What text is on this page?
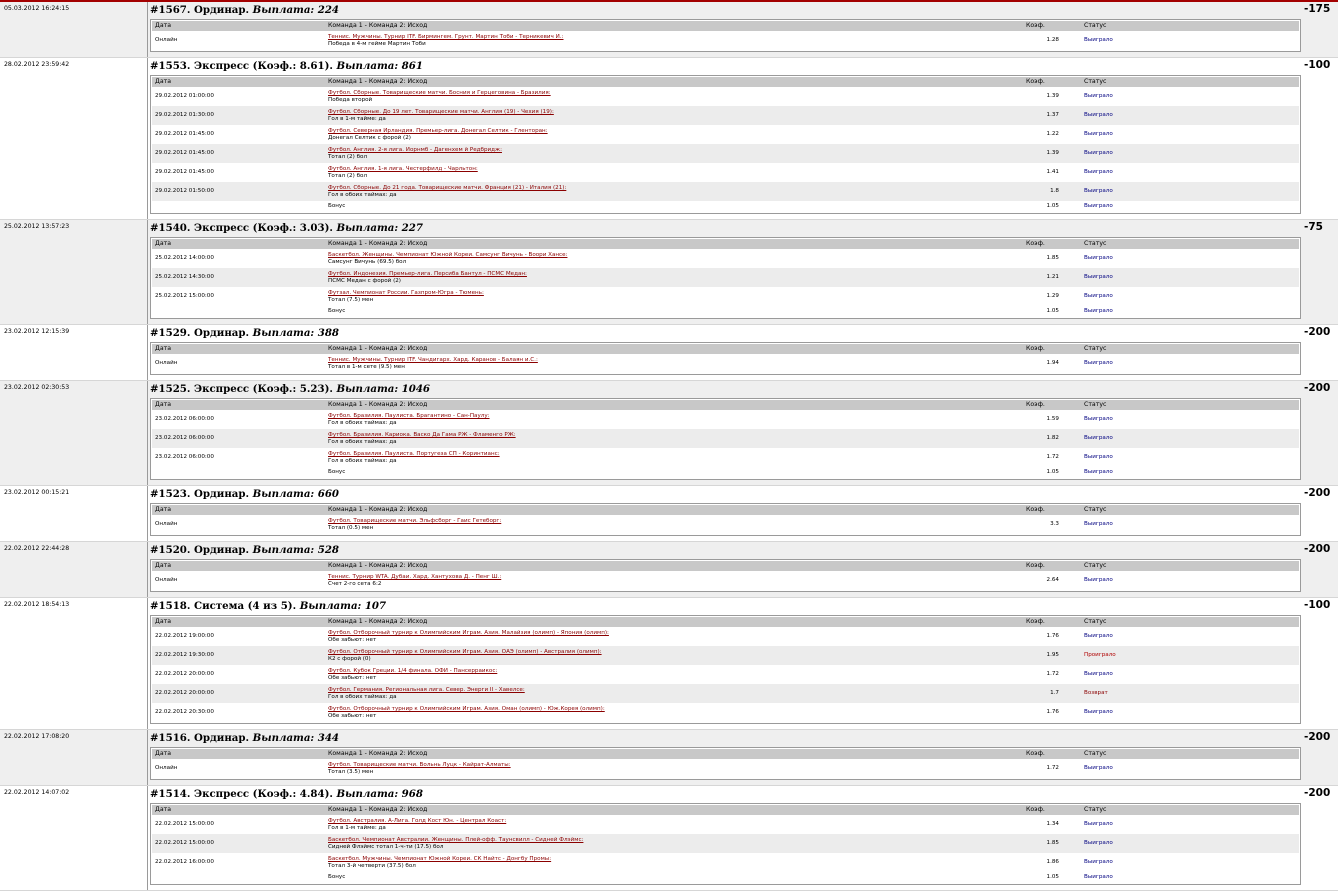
05.03.2012 16:24:15	#1567. Ординар. Выплата: 224
Дата	Команда 1 - Команда 2: Исход	Коэф.	Статус
Онлайн
Теннис. Мужчины. Турнир ITF. Бирмингем. Грунт. Мартин Тоби - Терникевич И.:
Победа в 4-м гейме Мартин Тоби
1.28	Выиграло
-175
28.02.2012 23:59:42	#1553. Экспресс (Коэф.: 8.61). Выплата: 861
Дата	Команда 1 - Команда 2: Исход	Коэф.	Статус
29.02.2012 01:00:00
Футбол. Сборные. Товарищеские матчи. Босния и Герцеговина - Бразилия:
Победа второй
1.39	Выиграло
29.02.2012 01:30:00
Футбол. Сборные. До 19 лет. Товарищеские матчи. Англия (19) - Чехия (19):
Гол в 1-м тайме: да
1.37	Выиграло
29.02.2012 01:45:00
Футбол. Северная Ирландия. Премьер-лига. Донегал Селтик - Гленторан:
Донегал Селтик с форой (2)
1.22	Выиграло
29.02.2012 01:45:00
Футбол. Англия. 2-я лига. Иорнмб - Дагенхем й Редбридж:
Тотал (2) бол
1.39	Выиграло
29.02.2012 01:45:00
Футбол. Англия. 1-я лига. Честерфилд - Чарльтон:
Тотал (2) бол
1.41	Выиграло
29.02.2012 01:50:00
Футбол. Сборные. До 21 года. Товарищеские матчи. Франция (21) - Италия (21):
Гол в обоих таймах: да
1.8	Выиграло
Бонус	1.05	Выиграло
-100
25.02.2012 13:57:23	#1540. Экспресс (Коэф.: 3.03). Выплата: 227
Дата	Команда 1 - Команда 2: Исход	Коэф.	Статус
25.02.2012 14:00:00
Баскетбол. Женщины. Чемпионат Южной Кореи. Самсунг Вичунь - Воори Хансе:
Самсунг Вичунь (69.5) бол
1.85	Выиграло
25.02.2012 14:30:00
Футбол. Индонезия. Премьер-лига. Персиба Бантул - ПСМС Медан:
ПСМС Медан с форой (2)
1.21	Выиграло
25.02.2012 15:00:00
Футзал. Чемпионат России. Газпром-Югра - Тюмень:
Тотал (7.5) мен
1.29	Выиграло
Бонус	1.05	Выиграло
-75
23.02.2012 12:15:39	#1529. Ординар. Выплата: 388
Дата	Команда 1 - Команда 2: Исход	Коэф.	Статус
Онлайн
Теннис. Мужчины. Турнир ITF. Чандигарх. Хард. Каранов - Балаян и.С.:
Тотал в 1-м сете (9.5) мен
1.94	Выиграло
-200
23.02.2012 02:30:53	#1525. Экспресс (Коэф.: 5.23). Выплата: 1046
Дата	Команда 1 - Команда 2: Исход	Коэф.	Статус
23.02.2012 06:00:00
Футбол. Бразилия. Паулиста. Брагантино - Сан-Паулу:
Гол в обоих таймах: да
1.59	Выиграло
23.02.2012 06:00:00
Футбол. Бразилия. Кариока. Васко Да Гама РЖ - Фламенго РЖ:
Гол в обоих таймах: да
1.82	Выиграло
23.02.2012 06:00:00
Футбол. Бразилия. Паулиста. Португеза СП - Коринтианс:
Гол в обоих таймах: да
1.72	Выиграло
Бонус	1.05	Выиграло
-200
23.02.2012 00:15:21	#1523. Ординар. Выплата: 660
Дата	Команда 1 - Команда 2: Исход	Коэф.	Статус
Онлайн
Футбол. Товарищеские матчи. Эльфсборг - Гаис Гетеборг:
Тотал (0.5) мен
3.3	Выиграло
-200
22.02.2012 22:44:28	#1520. Ординар. Выплата: 528
Дата	Команда 1 - Команда 2: Исход	Коэф.	Статус
Онлайн
Теннис. Турнир WTA. Дубаи. Хард. Хантухова Д. - Пенг Ш.:
Счет 2-го сета 6:2
2.64	Выиграло
-200
22.02.2012 18:54:13	#1518. Система (4 из 5). Выплата: 107
Дата	Команда 1 - Команда 2: Исход	Коэф.	Статус
22.02.2012 19:00:00
Футбол. Отборочный турнир к Олимпийским Играм. Азия. Малайзия (олимп) - Япония (олимп):
Обе забьют: нет
1.76	Выиграло
22.02.2012 19:30:00
Футбол. Отборочный турнир к Олимпийским Играм. Азия. ОАЭ (олимп) - Австралия (олимп):
К2 с форой (0)
1.95	Проиграло
22.02.2012 20:00:00
Футбол. Кубок Греции. 1/4 финала. ОФИ - Пансерраикос:
Обе забьют: нет
1.72	Выиграло
22.02.2012 20:00:00
Футбол. Германия. Региональная лига. Север. Энерги II - Хавелсе:
Гол в обоих таймах: да
1.7	Возврат
22.02.2012 20:30:00
Футбол. Отборочный турнир к Олимпийским Играм. Азия. Оман (олимп) - Юж.Корея (олимп):
Обе забьют: нет
1.76	Выиграло
-100
22.02.2012 17:08:20	#1516. Ординар. Выплата: 344
Дата	Команда 1 - Команда 2: Исход	Коэф.	Статус
Онлайн
Футбол. Товарищеские матчи. Вольнь Луцк - Кайрат-Алматы:
Тотал (3.5) мен
1.72	Выиграло
-200
22.02.2012 14:07:02	#1514. Экспресс (Коэф.: 4.84). Выплата: 968
Дата	Команда 1 - Команда 2: Исход	Коэф.	Статус
22.02.2012 15:00:00
Футбол. Австралия. А-Лига. Голд Кост Юн. - Централ Коаст:
Гол в 1-м тайме: да
1.34	Выиграло
22.02.2012 15:00:00
Баскетбол. Чемпионат Австралии. Женщины. Плей-офф. Таунсвилл - Сидней Флэймс:
Сидней Флэймс тотал 1-ч-ти (17.5) бол
1.85	Выиграло
22.02.2012 16:00:00
Баскетбол. Мужчины. Чемпионат Южной Кореи. СК Найтс - Донгбу Промы:
Тотал 3-й четверти (37.5) бол
1.86	Выиграло
Бонус	1.05	Выиграло
-200
